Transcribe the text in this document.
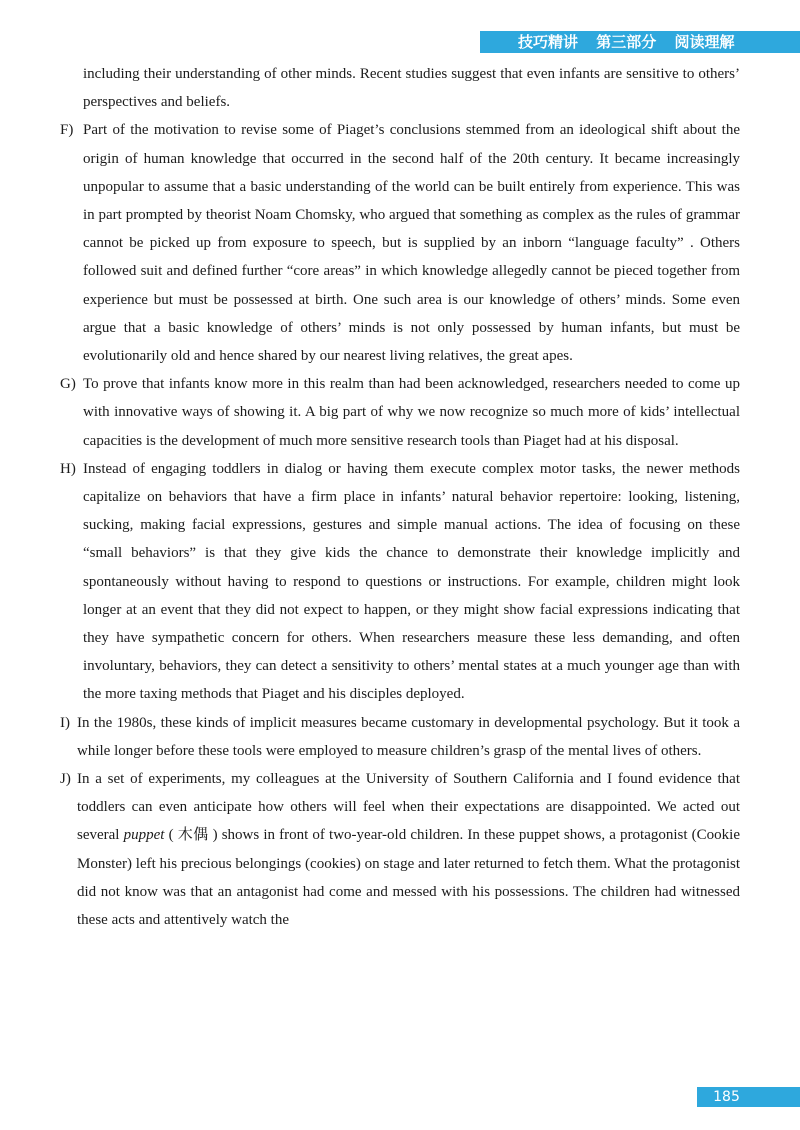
技巧精讲 第三部分 阅读理解

including their understanding of other minds. Recent studies suggest that even infants are sensitive to others’ perspectives and beliefs.

F) Part of the motivation to revise some of Piaget’s conclusions stemmed from an ideological shift about the origin of human knowledge that occurred in the second half of the 20th century. It became increasingly unpopular to assume that a basic understanding of the world can be built entirely from experience. This was in part prompted by theorist Noam Chomsky, who argued that something as complex as the rules of grammar cannot be picked up from exposure to speech, but is supplied by an inborn “language faculty” . Others followed suit and defined further “core areas” in which knowledge allegedly cannot be pieced together from experience but must be possessed at birth. One such area is our knowledge of others’ minds. Some even argue that a basic knowledge of others’ minds is not only possessed by human infants, but must be evolutionarily old and hence shared by our nearest living relatives, the great apes.

G) To prove that infants know more in this realm than had been acknowledged, researchers needed to come up with innovative ways of showing it. A big part of why we now recognize so much more of kids’ intellectual capacities is the development of much more sensitive research tools than Piaget had at his disposal.

H) Instead of engaging toddlers in dialog or having them execute complex motor tasks, the newer methods capitalize on behaviors that have a firm place in infants’ natural behavior repertoire: looking, listening, sucking, making facial expressions, gestures and simple manual actions. The idea of focusing on these “small behaviors” is that they give kids the chance to demonstrate their knowledge implicitly and spontaneously without having to respond to questions or instructions. For example, children might look longer at an event that they did not expect to happen, or they might show facial expressions indicating that they have sympathetic concern for others. When researchers measure these less demanding, and often involuntary, behaviors, they can detect a sensitivity to others’ mental states at a much younger age than with the more taxing methods that Piaget and his disciples deployed.

I) In the 1980s, these kinds of implicit measures became customary in developmental psychology. But it took a while longer before these tools were employed to measure children’s grasp of the mental lives of others.

J) In a set of experiments, my colleagues at the University of Southern California and I found evidence that toddlers can even anticipate how others will feel when their expectations are disappointed. We acted out several puppet ( 木偶 ) shows in front of two-year-old children. In these puppet shows, a protagonist (Cookie Monster) left his precious belongings (cookies) on stage and later returned to fetch them. What the protagonist did not know was that an antagonist had come and messed with his possessions. The children had witnessed these acts and attentively watch the

185
